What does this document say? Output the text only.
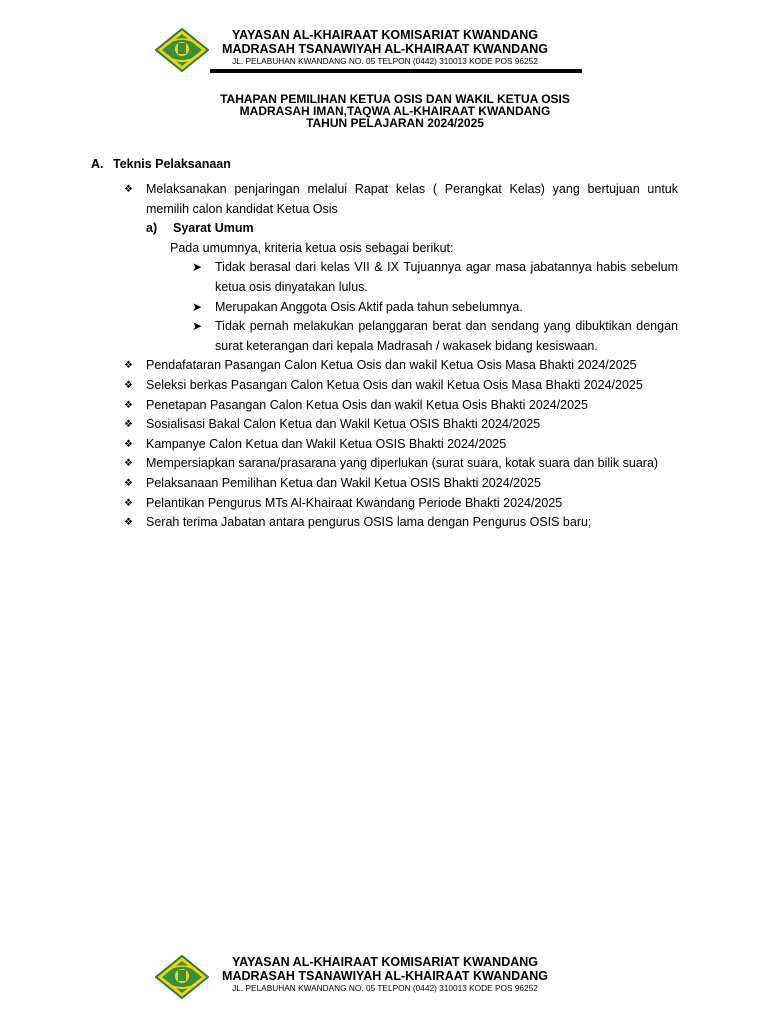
YAYASAN AL-KHAIRAAT KOMISARIAT KWANDANG
MADRASAH TSANAWIYAH AL-KHAIRAAT KWANDANG
JL. PELABUHAN KWANDANG NO. 05 TELPON (0442) 310013 KODE POS 96252
TAHAPAN PEMILIHAN KETUA OSIS DAN WAKIL KETUA OSIS
MADRASAH IMAN,TAQWA AL-KHAIRAAT KWANDANG
TAHUN PELAJARAN 2024/2025
A. Teknis Pelaksanaan
❖ Melaksanakan penjaringan melalui Rapat kelas ( Perangkat Kelas) yang bertujuan untuk memilih calon kandidat Ketua Osis
a) Syarat Umum
Pada umumnya, kriteria ketua osis sebagai berikut:
➤ Tidak berasal dari kelas VII & IX Tujuannya agar masa jabatannya habis sebelum ketua osis dinyatakan lulus.
➤ Merupakan Anggota Osis Aktif pada tahun sebelumnya.
➤ Tidak pernah melakukan pelanggaran berat dan sendang yang dibuktikan dengan surat keterangan dari kepala Madrasah / wakasek bidang kesiswaan.
❖ Pendafataran Pasangan Calon Ketua Osis dan wakil Ketua Osis Masa Bhakti 2024/2025
❖ Seleksi berkas Pasangan Calon Ketua Osis dan wakil Ketua Osis Masa Bhakti 2024/2025
❖ Penetapan Pasangan Calon Ketua Osis dan wakil Ketua Osis Bhakti 2024/2025
❖ Sosialisasi Bakal Calon Ketua dan Wakil Ketua OSIS Bhakti 2024/2025
❖ Kampanye Calon Ketua dan Wakil Ketua OSIS Bhakti 2024/2025
❖ Mempersiapkan sarana/prasarana yang diperlukan (surat suara, kotak suara dan bilik suara)
❖ Pelaksanaan Pemilihan Ketua dan Wakil Ketua OSIS Bhakti 2024/2025
❖ Pelantikan Pengurus MTs Al-Khairaat Kwandang Periode Bhakti 2024/2025
❖ Serah terima Jabatan antara pengurus OSIS lama dengan Pengurus OSIS baru;
YAYASAN AL-KHAIRAAT KOMISARIAT KWANDANG
MADRASAH TSANAWIYAH AL-KHAIRAAT KWANDANG
JL. PELABUHAN KWANDANG NO. 05 TELPON (0442) 310013 KODE POS 96252
